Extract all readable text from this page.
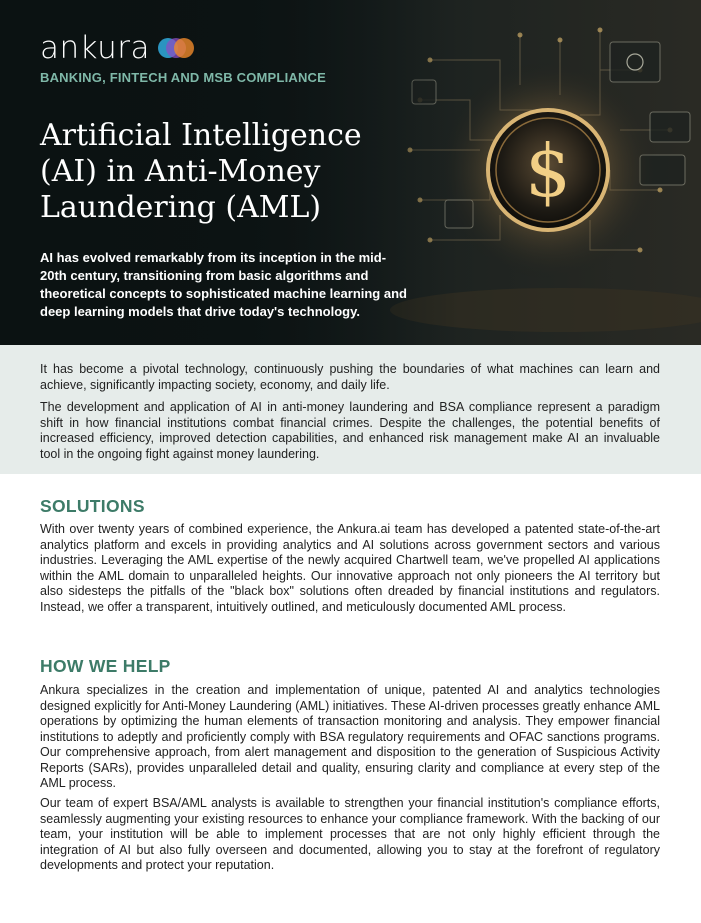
$
ankura
BANKING, FINTECH AND MSB COMPLIANCE
Artificial Intelligence
(AI) in Anti-Money
Laundering (AML)

AI has evolved remarkably from its inception in the mid-20th century, transitioning from basic algorithms and theoretical concepts to sophisticated machine learning and deep learning models that drive today's technology.

It has become a pivotal technology, continuously pushing the boundaries of what machines can learn and achieve, significantly impacting society, economy, and daily life.

The development and application of AI in anti-money laundering and BSA compliance represent a paradigm shift in how financial institutions combat financial crimes. Despite the challenges, the potential benefits of increased efficiency, improved detection capabilities, and enhanced risk management make AI an invaluable tool in the ongoing fight against money laundering.

SOLUTIONS

With over twenty years of combined experience, the Ankura.ai team has developed a patented state-of-the-art analytics platform and excels in providing analytics and AI solutions across government sectors and various industries. Leveraging the AML expertise of the newly acquired Chartwell team, we've propelled AI applications within the AML domain to unparalleled heights. Our innovative approach not only pioneers the AI territory but also sidesteps the pitfalls of the "black box" solutions often dreaded by financial institutions and regulators. Instead, we offer a transparent, intuitively outlined, and meticulously documented AML process.

HOW WE HELP

Ankura specializes in the creation and implementation of unique, patented AI and analytics technologies designed explicitly for Anti-Money Laundering (AML) initiatives. These AI-driven processes greatly enhance AML operations by optimizing the human elements of transaction monitoring and analysis. They empower financial institutions to adeptly and proficiently comply with BSA regulatory requirements and OFAC sanctions programs. Our comprehensive approach, from alert management and disposition to the generation of Suspicious Activity Reports (SARs), provides unparalleled detail and quality, ensuring clarity and compliance at every step of the AML process.

Our team of expert BSA/AML analysts is available to strengthen your financial institution's compliance efforts, seamlessly augmenting your existing resources to enhance your compliance framework. With the backing of our team, your institution will be able to implement processes that are not only highly efficient through the integration of AI but also fully overseen and documented, allowing you to stay at the forefront of regulatory developments and protect your reputation.
